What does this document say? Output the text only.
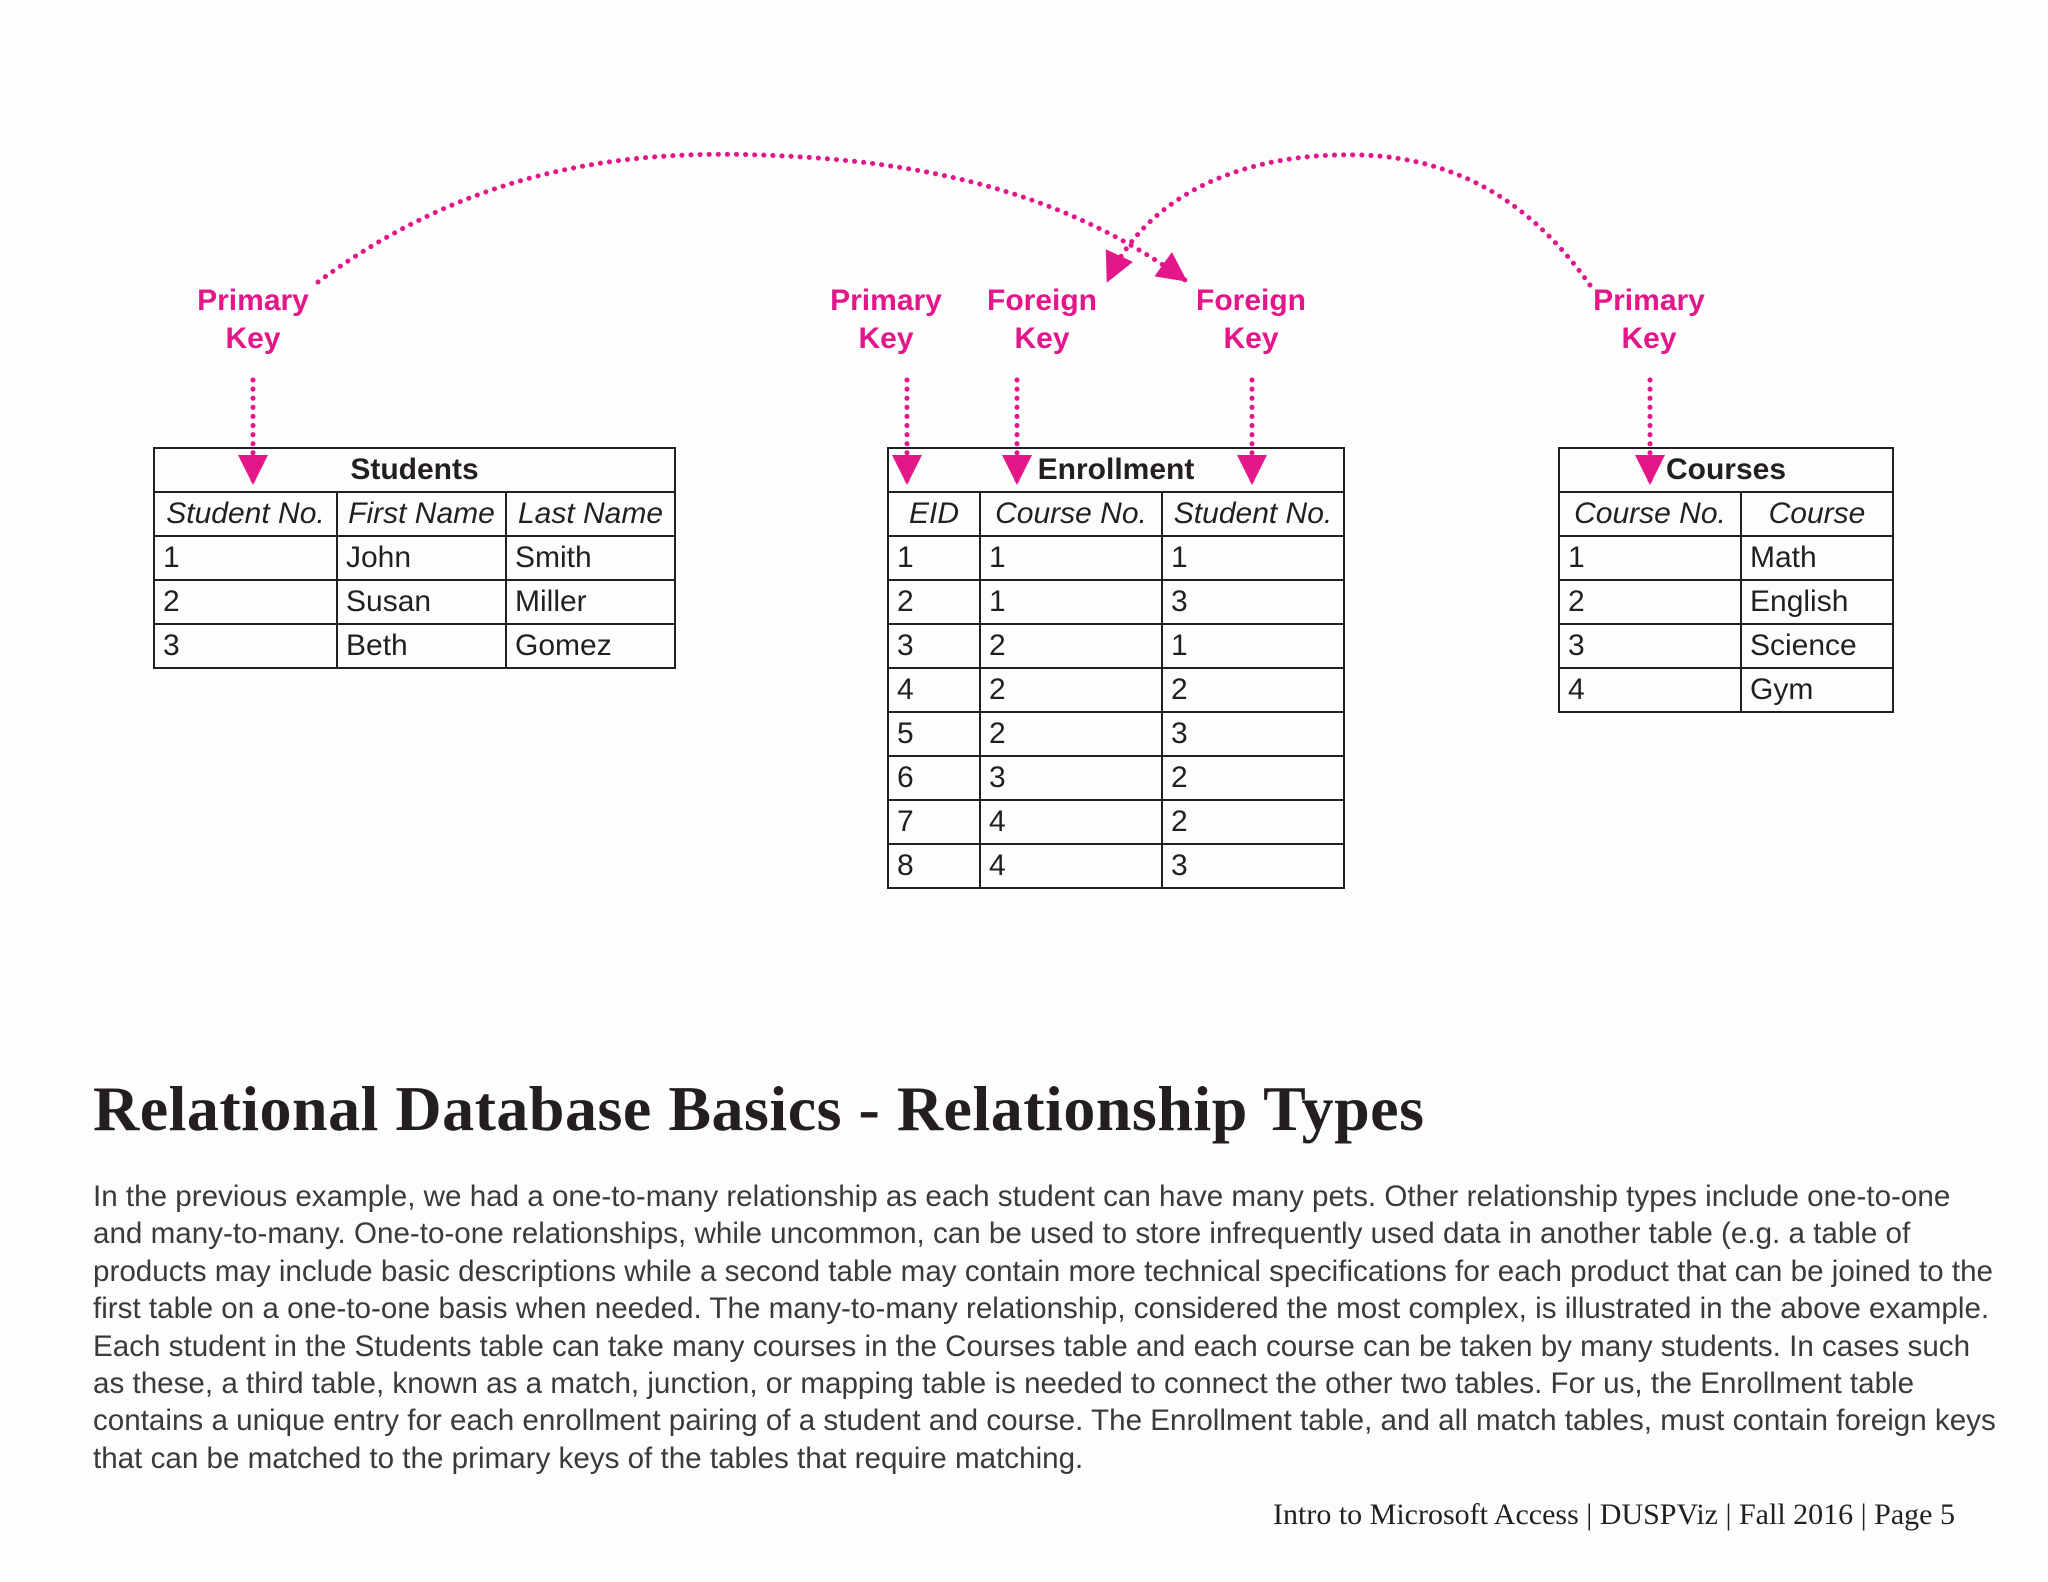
Primary
Key
Primary
Key
Foreign
Key
Foreign
Key
Primary
Key
Students		
Student No.	First Name	Last Name
1	John	Smith
2	Susan	Miller
3	Beth	Gomez
Enrollment		
EID	Course No.	Student No.
1	1	1
2	1	3
3	2	1
4	2	2
5	2	3
6	3	2
7	4	2
8	4	3
Courses	
Course No.	Course
1	Math
2	English
3	Science
4	Gym
Relational Database Basics - Relationship Types

In the previous example, we had a one-to-many relationship as each student can have many pets. Other relationship types include one-to-one and many-to-many. One-to-one relationships, while uncommon, can be used to store infrequently used data in another table (e.g. a table of products may include basic descriptions while a second table may contain more technical specifications for each product that can be joined to the first table on a one-to-one basis when needed. The many-to-many relationship, considered the most complex, is illustrated in the above example. Each student in the Students table can take many courses in the Courses table and each course can be taken by many students. In cases such as these, a third table, known as a match, junction, or mapping table is needed to connect the other two tables. For us, the Enrollment table contains a unique entry for each enrollment pairing of a student and course. The Enrollment table, and all match tables, must contain foreign keys that can be matched to the primary keys of the tables that require matching.

Intro to Microsoft Access | DUSPViz | Fall 2016 | Page 5
